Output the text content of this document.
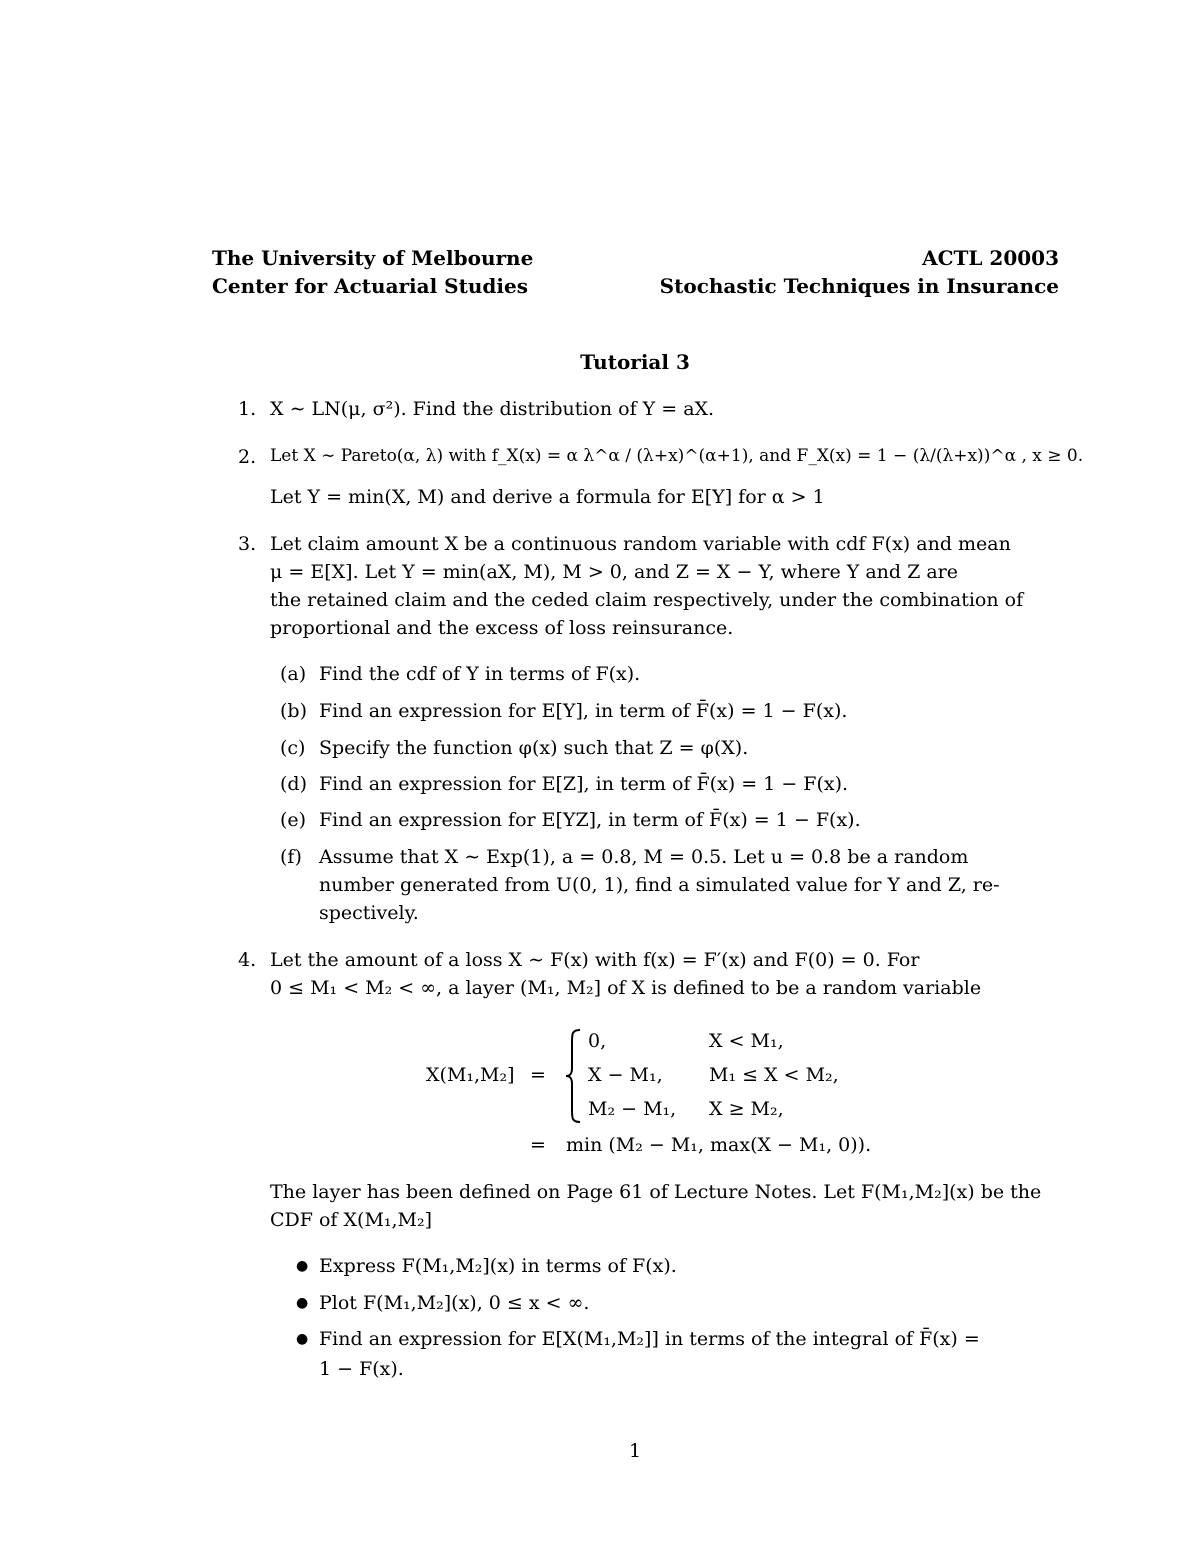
The University of Melbourne
Center for Actuarial Studies
ACTL 20003
Stochastic Techniques in Insurance
Tutorial 3
1. X ∼ LN(μ, σ²). Find the distribution of Y = aX.
2. Let X ∼ Pareto(α, λ) with f_X(x) = α λ^α / (λ+x)^(α+1), and F_X(x) = 1 − (λ/(λ+x))^α , x ≥ 0.
Let Y = min(X, M) and derive a formula for E[Y] for α > 1
3. Let claim amount X be a continuous random variable with cdf F(x) and mean
μ = E[X]. Let Y = min(aX, M), M > 0, and Z = X − Y, where Y and Z are
the retained claim and the ceded claim respectively, under the combination of
proportional and the excess of loss reinsurance.
(a) Find the cdf of Y in terms of F(x).
(b) Find an expression for E[Y], in term of F̄(x) = 1 − F(x).
(c) Specify the function φ(x) such that Z = φ(X).
(d) Find an expression for E[Z], in term of F̄(x) = 1 − F(x).
(e) Find an expression for E[YZ], in term of F̄(x) = 1 − F(x).
(f) Assume that X ∼ Exp(1), a = 0.8, M = 0.5. Let u = 0.8 be a random
number generated from U(0, 1), find a simulated value for Y and Z, re-
spectively.
4. Let the amount of a loss X ∼ F(x) with f(x) = F′(x) and F(0) = 0. For
0 ≤ M₁ < M₂ < ∞, a layer (M₁, M₂] of X is defined to be a random variable
X(M₁,M₂] =
0,	X < M₁,
X − M₁, M₁ ≤ X < M₂,
M₂ − M₁, X ≥ M₂,
= min (M₂ − M₁, max(X − M₁, 0)).
The layer has been defined on Page 61 of Lecture Notes. Let F(M₁,M₂](x) be the
CDF of X(M₁,M₂]
● Express F(M₁,M₂](x) in terms of F(x).
● Plot F(M₁,M₂](x), 0 ≤ x < ∞.
● Find an expression for E[X(M₁,M₂]] in terms of the integral of F̄(x) =
1 − F(x).
1
